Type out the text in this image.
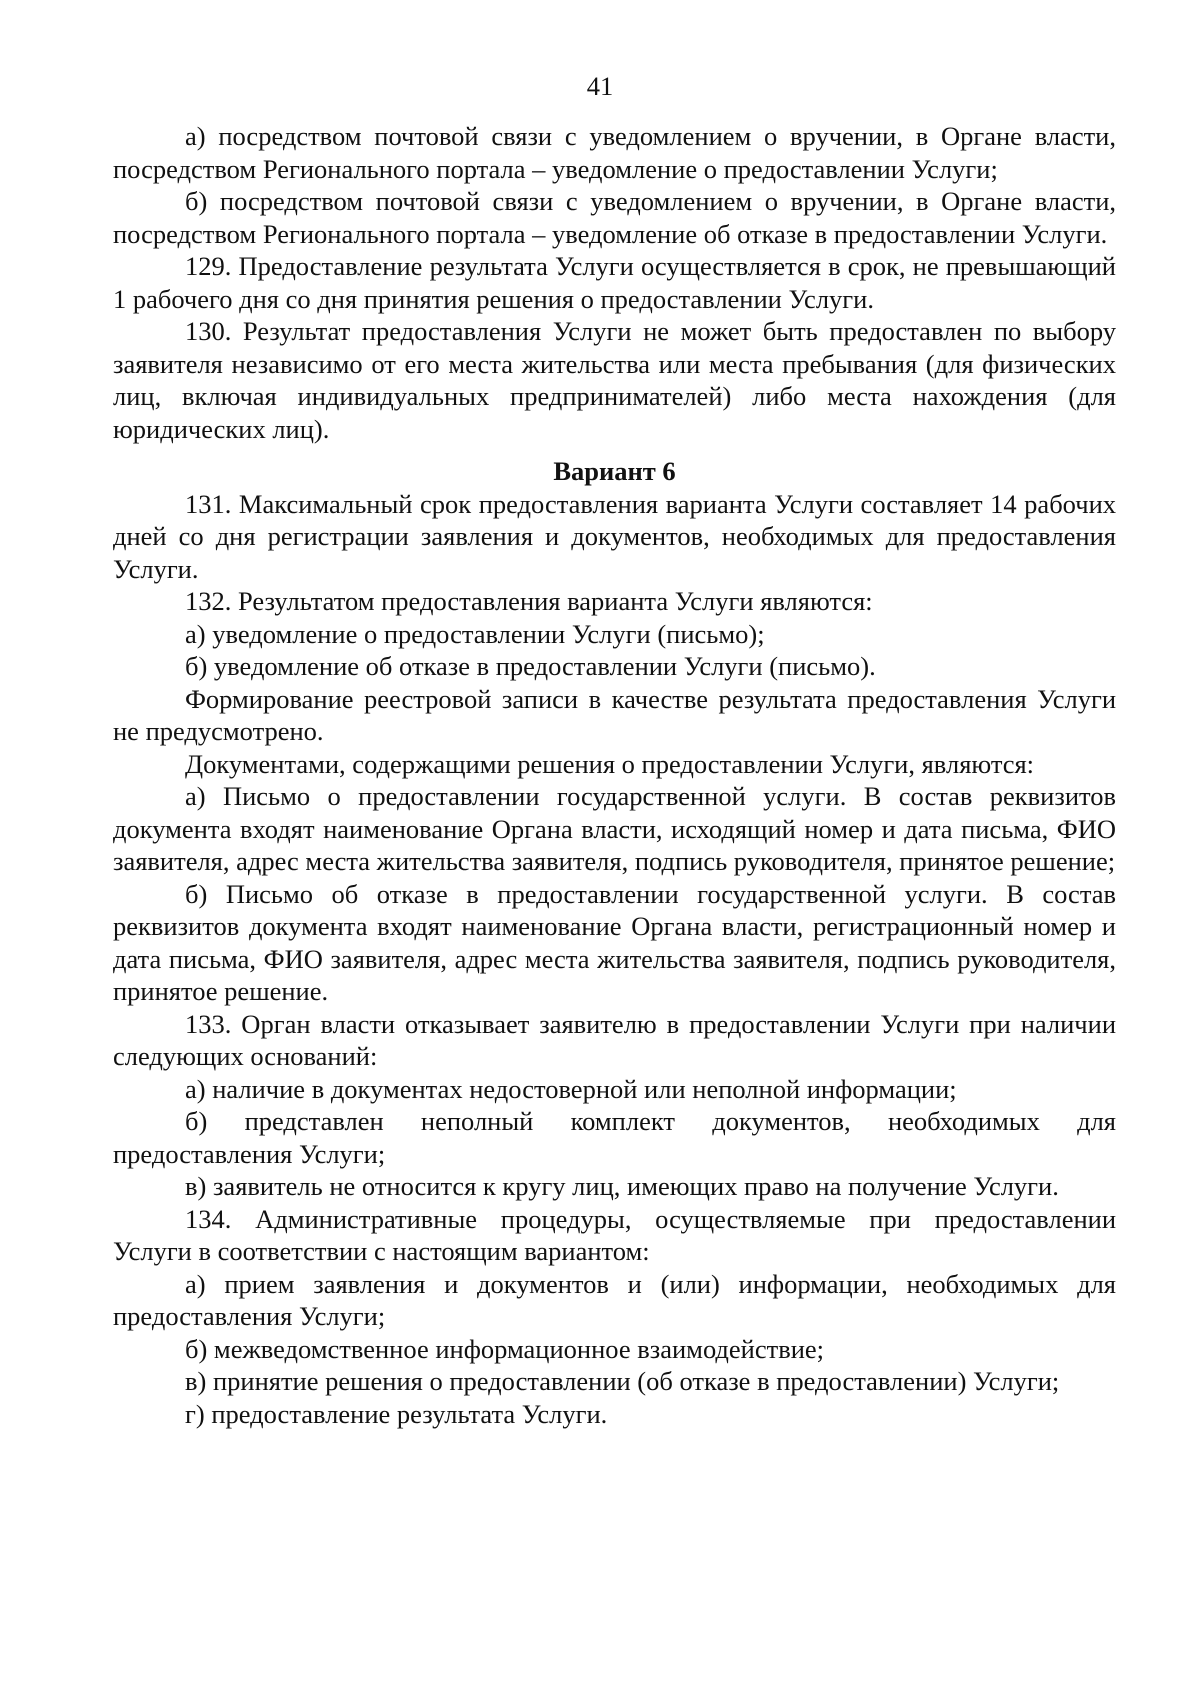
41

а) посредством почтовой связи с уведомлением о вручении, в Органе власти, посредством Регионального портала – уведомление о предоставлении Услуги;

б) посредством почтовой связи с уведомлением о вручении, в Органе власти, посредством Регионального портала – уведомление об отказе в предоставлении Услуги.

129. Предоставление результата Услуги осуществляется в срок, не превышающий 1 рабочего дня со дня принятия решения о предоставлении Услуги.

130. Результат предоставления Услуги не может быть предоставлен по выбору заявителя независимо от его места жительства или места пребывания (для физических лиц, включая индивидуальных предпринимателей) либо места нахождения (для юридических лиц).

Вариант 6

131. Максимальный срок предоставления варианта Услуги составляет 14 рабочих дней со дня регистрации заявления и документов, необходимых для предоставления Услуги.

132. Результатом предоставления варианта Услуги являются:

а) уведомление о предоставлении Услуги (письмо);

б) уведомление об отказе в предоставлении Услуги (письмо).

Формирование реестровой записи в качестве результата предоставления Услуги не предусмотрено.

Документами, содержащими решения о предоставлении Услуги, являются:

а) Письмо о предоставлении государственной услуги. В состав реквизитов документа входят наименование Органа власти, исходящий номер и дата письма, ФИО заявителя, адрес места жительства заявителя, подпись руководителя, принятое решение;

б) Письмо об отказе в предоставлении государственной услуги. В состав реквизитов документа входят наименование Органа власти, регистрационный номер и дата письма, ФИО заявителя, адрес места жительства заявителя, подпись руководителя, принятое решение.

133. Орган власти отказывает заявителю в предоставлении Услуги при наличии следующих оснований:

а) наличие в документах недостоверной или неполной информации;

б) представлен неполный комплект документов, необходимых для предоставления Услуги;

в) заявитель не относится к кругу лиц, имеющих право на получение Услуги.

134. Административные процедуры, осуществляемые при предоставлении Услуги в соответствии с настоящим вариантом:

а) прием заявления и документов и (или) информации, необходимых для предоставления Услуги;

б) межведомственное информационное взаимодействие;

в) принятие решения о предоставлении (об отказе в предоставлении) Услуги;

г) предоставление результата Услуги.
